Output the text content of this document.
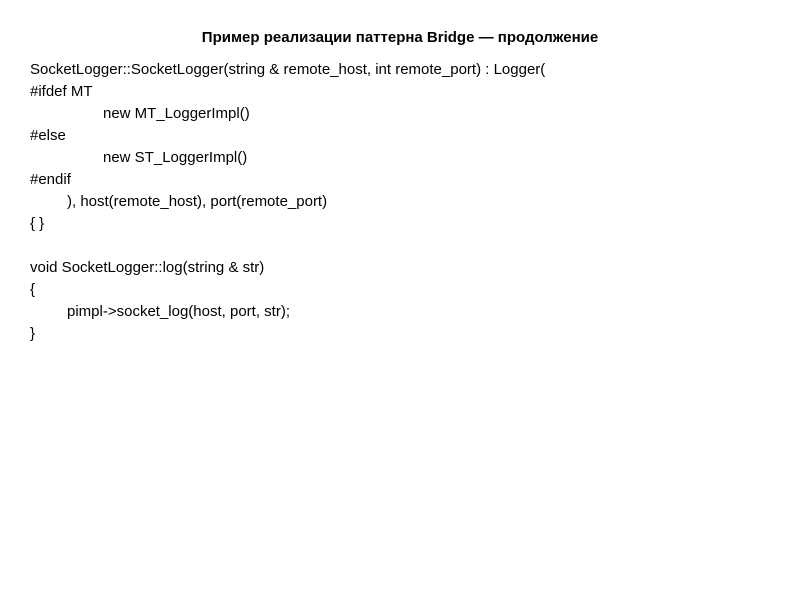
Пример реализации паттерна Bridge — продолжение
SocketLogger::SocketLogger(string & remote_host, int remote_port) : Logger(
#ifdef MT
new MT_LoggerImpl()
#else
new ST_LoggerImpl()
#endif
), host(remote_host), port(remote_port)
{ }
void SocketLogger::log(string & str)
{
pimpl->socket_log(host, port, str);
}
